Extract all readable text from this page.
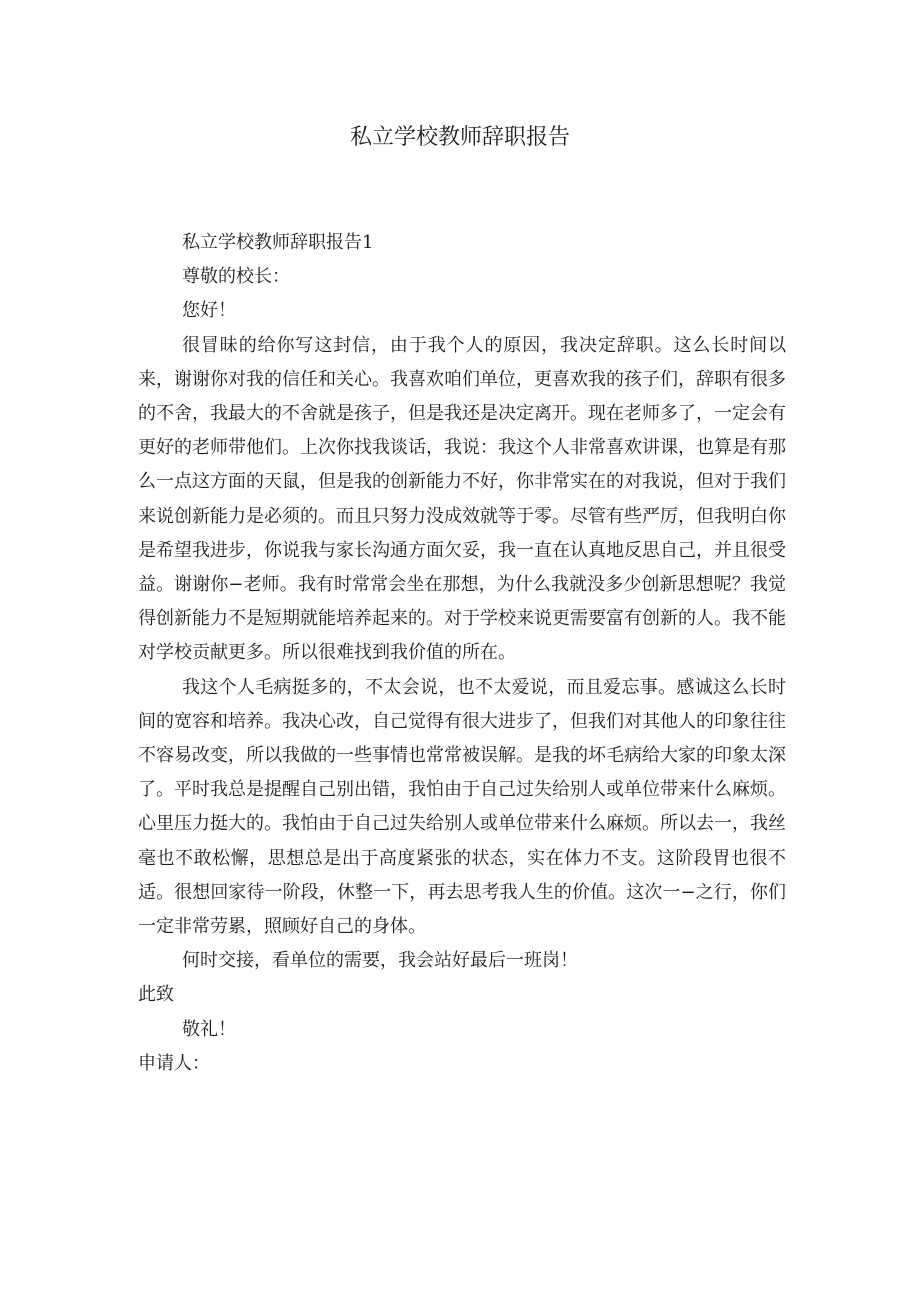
私立学校教师辞职报告

私立学校教师辞职报告1

尊敬的校长：

您好！

很冒昧的给你写这封信，由于我个人的原因，我决定辞职。这么长时间以来，谢谢你对我的信任和关心。我喜欢咱们单位，更喜欢我的孩子们，辞职有很多的不舍，我最大的不舍就是孩子，但是我还是决定离开。现在老师多了，一定会有更好的老师带他们。上次你找我谈话，我说：我这个人非常喜欢讲课，也算是有那么一点这方面的天鼠，但是我的创新能力不好，你非常实在的对我说，但对于我们来说创新能力是必须的。而且只努力没成效就等于零。尽管有些严厉，但我明白你是希望我进步，你说我与家长沟通方面欠妥，我一直在认真地反思自己，并且很受益。谢谢你−老师。我有时常常会坐在那想，为什么我就没多少创新思想呢？我觉得创新能力不是短期就能培养起来的。对于学校来说更需要富有创新的人。我不能对学校贡献更多。所以很难找到我价值的所在。

我这个人毛病挺多的，不太会说，也不太爱说，而且爱忘事。感诚这么长时间的宽容和培养。我决心改，自己觉得有很大进步了，但我们对其他人的印象往往不容易改变，所以我做的一些事情也常常被误解。是我的坏毛病给大家的印象太深了。平时我总是提醒自己别出错，我怕由于自己过失给别人或单位带来什么麻烦。心里压力挺大的。我怕由于自己过失给别人或单位带来什么麻烦。所以去一，我丝毫也不敢松懈，思想总是出于高度紧张的状态，实在体力不支。这阶段胃也很不适。很想回家待一阶段，休整一下，再去思考我人生的价值。这次一−之行，你们一定非常劳累，照顾好自己的身体。

何时交接，看单位的需要，我会站好最后一班岗！

此致

敬礼！

申请人：
